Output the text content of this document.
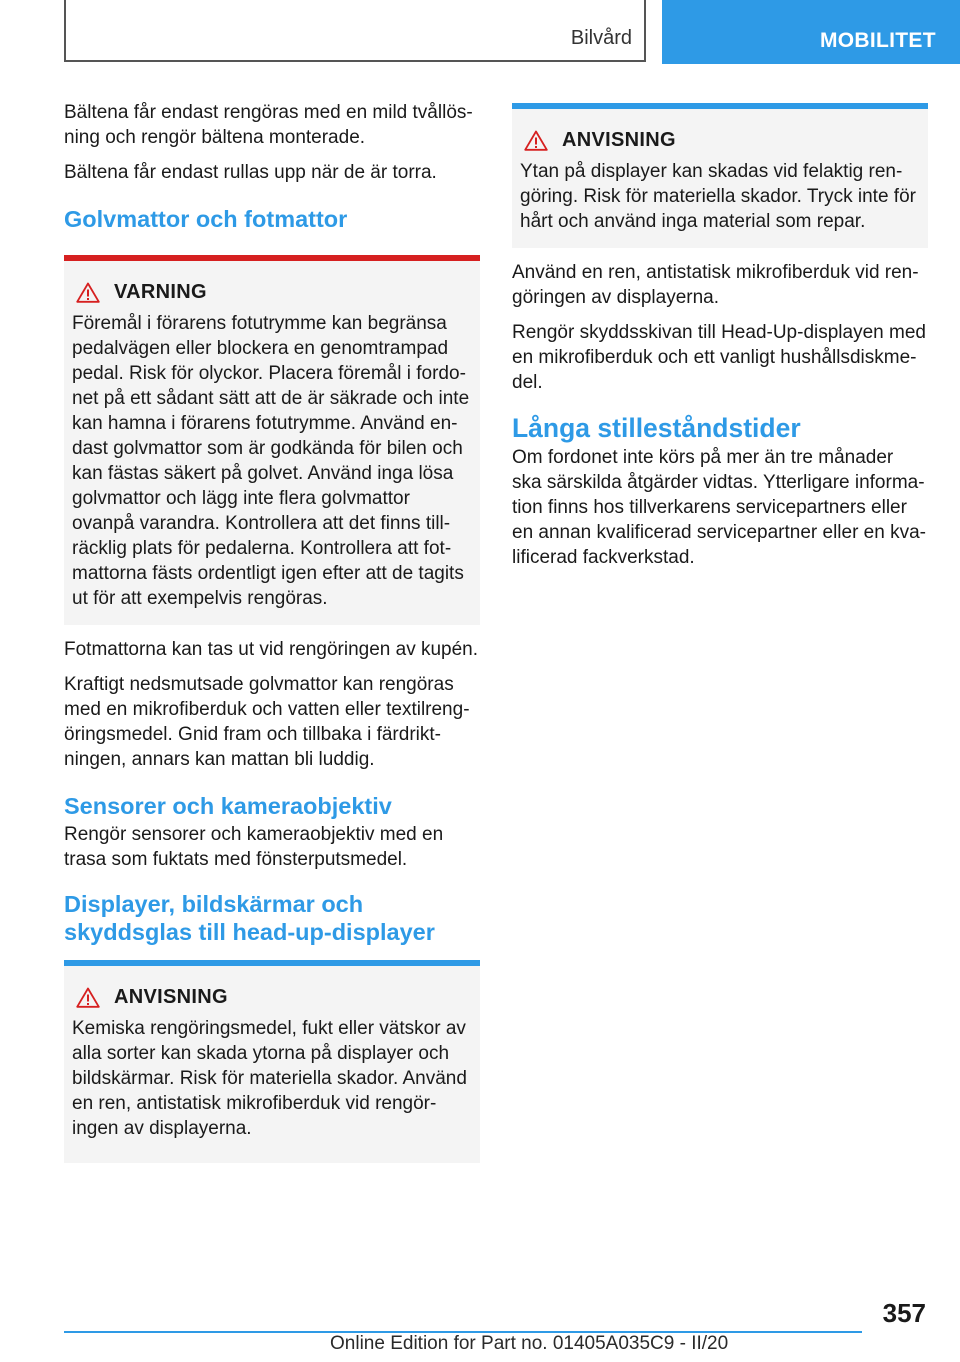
Bilvård	MOBILITET

Bältena får endast rengöras med en mild tvållösning och rengör bältena monterade.

Bältena får endast rullas upp när de är torra.

Golvmattor och fotmattor
VARNING

Föremål i förarens fotutrymme kan begränsa pedalvägen eller blockera en genomtrampad pedal. Risk för olyckor. Placera föremål i fordonet på ett sådant sätt att de är säkrade och inte kan hamna i förarens fotutrymme. Använd endast golvmattor som är godkända för bilen och kan fästas säkert på golvet. Använd inga lösa golvmattor och lägg inte flera golvmattor ovanpå varandra. Kontrollera att det finns tillräcklig plats för pedalerna. Kontrollera att fotmattorna fästs ordentligt igen efter att de tagits ut för att exempelvis rengöras.

Fotmattorna kan tas ut vid rengöringen av kupén.

Kraftigt nedsmutsade golvmattor kan rengöras med en mikrofiberduk och vatten eller textilrengöringsmedel. Gnid fram och tillbaka i färdriktningen, annars kan mattan bli luddig.

Sensorer och kameraobjektiv

Rengör sensorer och kameraobjektiv med en trasa som fuktats med fönsterputsmedel.

Displayer, bildskärmar och skyddsglas till head-up-displayer
ANVISNING

Kemiska rengöringsmedel, fukt eller vätskor av alla sorter kan skada ytorna på displayer och bildskärmar. Risk för materiella skador. Använd en ren, antistatisk mikrofiberduk vid rengöringen av displayerna.

ANVISNING

Ytan på displayer kan skadas vid felaktig rengöring. Risk för materiella skador. Tryck inte för hårt och använd inga material som repar.

Använd en ren, antistatisk mikrofiberduk vid rengöringen av displayerna.

Rengör skyddsskivan till Head-Up-displayen med en mikrofiberduk och ett vanligt hushållsdiskmedel.

Långa stilleståndstider

Om fordonet inte körs på mer än tre månader ska särskilda åtgärder vidtas. Ytterligare information finns hos tillverkarens servicepartners eller en annan kvalificerad servicepartner eller en kvalificerad fackverkstad.

357
Online Edition for Part no. 01405A035C9 - II/20
